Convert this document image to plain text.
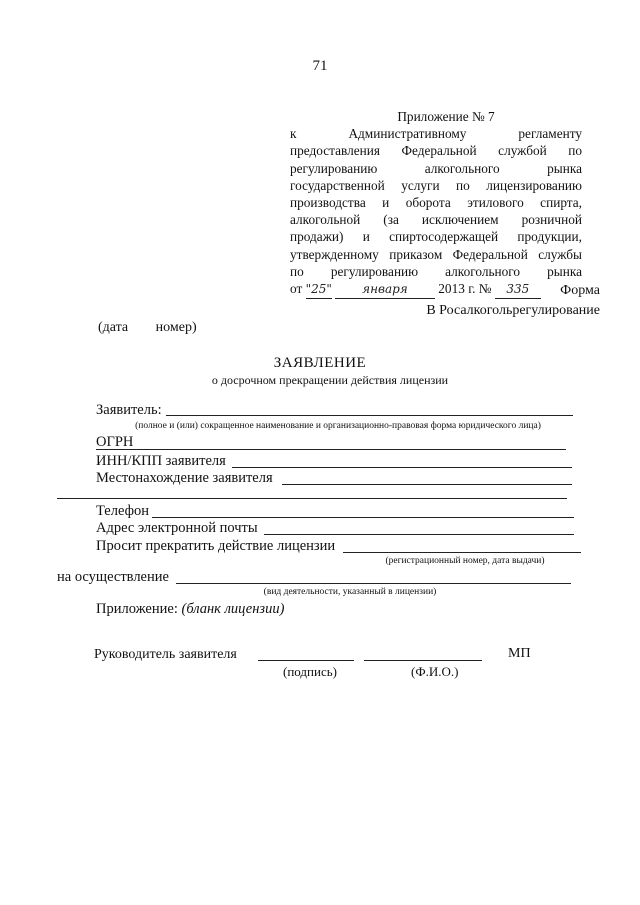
71
Приложение № 7
к Административному регламенту
предоставления Федеральной службой по
регулированию алкогольного рынка
государственной услуги по лицензированию
производства и оборота этилового спирта,
алкогольной (за исключением розничной
продажи) и спиртосодержащей продукции,
утвержденному приказом Федеральной службы
по регулированию алкогольного рынка
от "25"	января 2013 г. № 335	Форма
В Росалкогольрегулирование
(дата номер)
ЗАЯВЛЕНИЕ
о досрочном прекращении действия лицензии
Заявитель:
(полное и (или) сокращенное наименование и организационно-правовая форма юридического лица)
ОГРН
ИНН/КПП заявителя
Местонахождение заявителя
Телефон
Адрес электронной почты
Просит прекратить действие лицензии
(регистрационный номер, дата выдачи)
на осуществление
(вид деятельности, указанный в лицензии)
Приложение: (бланк лицензии)
Руководитель заявителя	МП
(подпись)	(Ф.И.О.)
